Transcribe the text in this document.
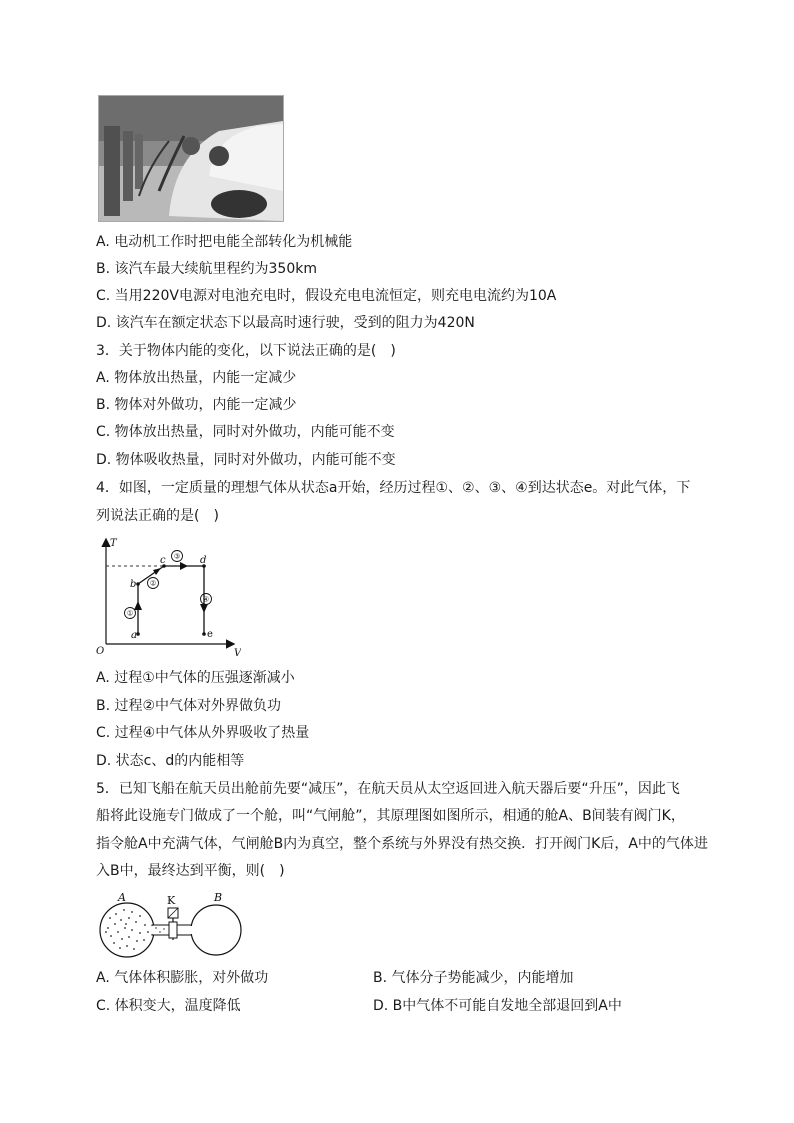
A. 电动机工作时把电能全部转化为机械能
B. 该汽车最大续航里程约为350km
C. 当用220V电源对电池充电时，假设充电电流恒定，则充电电流约为10A
D. 该汽车在额定状态下以最高时速行驶，受到的阻力为420N
3．关于物体内能的变化，以下说法正确的是(　)
A. 物体放出热量，内能一定减少
B. 物体对外做功，内能一定减少
C. 物体放出热量，同时对外做功，内能可能不变
D. 物体吸收热量，同时对外做功，内能可能不变
4．如图，一定质量的理想气体从状态a开始，经历过程①、②、③、④到达状态e。对此气体，下
列说法正确的是(　)
T
V
O
a
b
c	d
e
①
②
③
④
A. 过程①中气体的压强逐渐减小
B. 过程②中气体对外界做负功
C. 过程④中气体从外界吸收了热量
D. 状态c、d的内能相等
5．已知飞船在航天员出舱前先要“减压”，在航天员从太空返回进入航天器后要“升压”，因此飞
船将此设施专门做成了一个舱，叫“气闸舱”，其原理图如图所示，相通的舱A、B间装有阀门K，
指令舱A中充满气体，气闸舱B内为真空，整个系统与外界没有热交换．打开阀门K后，A中的气体进
入B中，最终达到平衡，则(　)
A	K	B
A. 气体体积膨胀，对外做功	B. 气体分子势能减少，内能增加
C. 体积变大，温度降低	D. B中气体不可能自发地全部退回到A中
